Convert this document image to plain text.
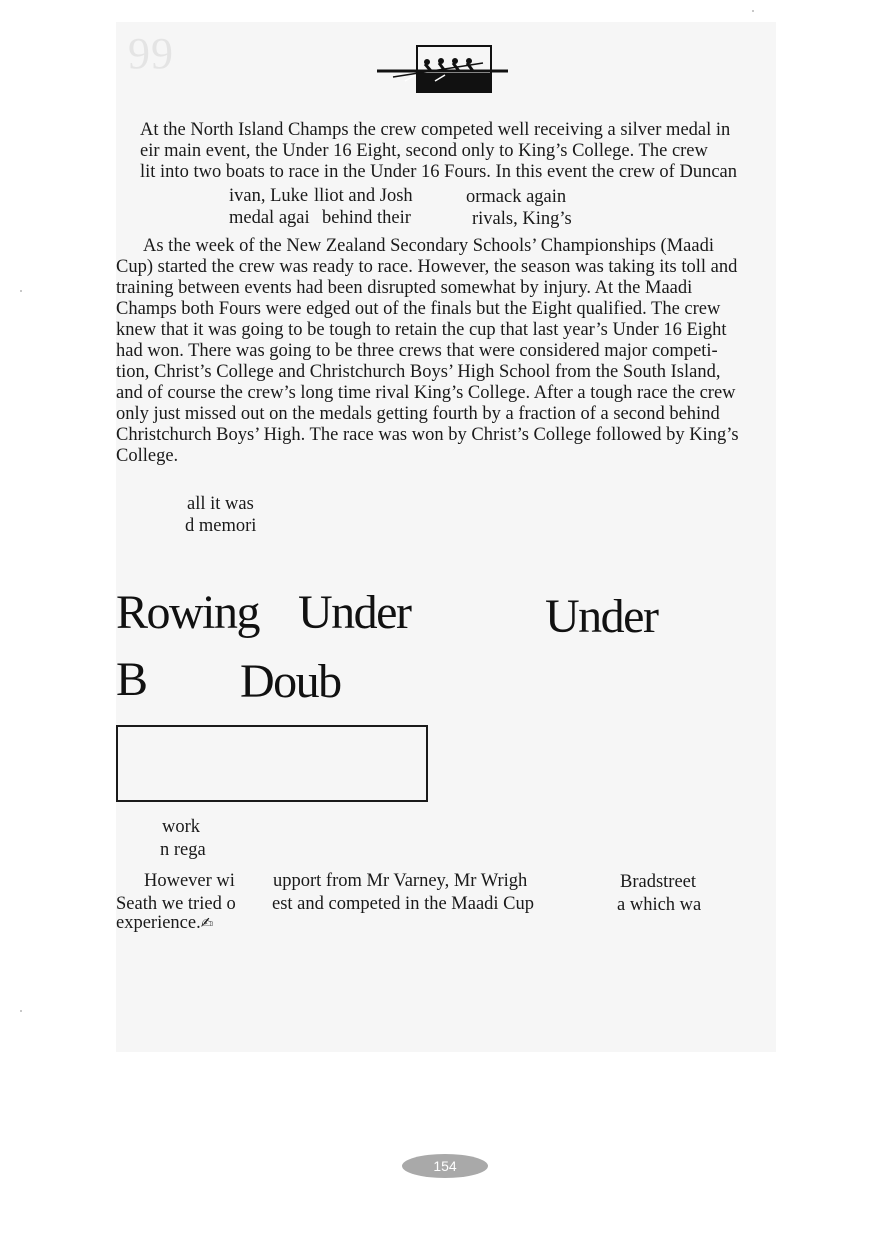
99
At the North Island Champs the crew competed well receiving a silver medal in
eir main event, the Under 16 Eight, second only to King’s College. The crew
lit into two boats to race in the Under 16 Fours. In this event the crew of Duncan
ivan, Luke lliot and Josh	ormack again
medal agai behind their	rivals, King’s
As the week of the New Zealand Secondary Schools’ Championships (Maadi
Cup) started the crew was ready to race. However, the season was taking its toll and
training between events had been disrupted somewhat by injury. At the Maadi
Champs both Fours were edged out of the finals but the Eight qualified. The crew
knew that it was going to be tough to retain the cup that last year’s Under 16 Eight
had won. There was going to be three crews that were considered major competi-
tion, Christ’s College and Christchurch Boys’ High School from the South Island,
and of course the crew’s long time rival King’s College. After a tough race the crew
only just missed out on the medals getting fourth by a fraction of a second behind
Christchurch Boys’ High. The race was won by Christ’s College followed by King’s
College.
all it was
d memori
Rowing Under	Under
B Doub
work
n rega
However wi upport from Mr Varney, Mr Wrigh	Bradstreet
Seath we tried o est and competed in the Maadi Cup	a which wa
experience.✍
154
